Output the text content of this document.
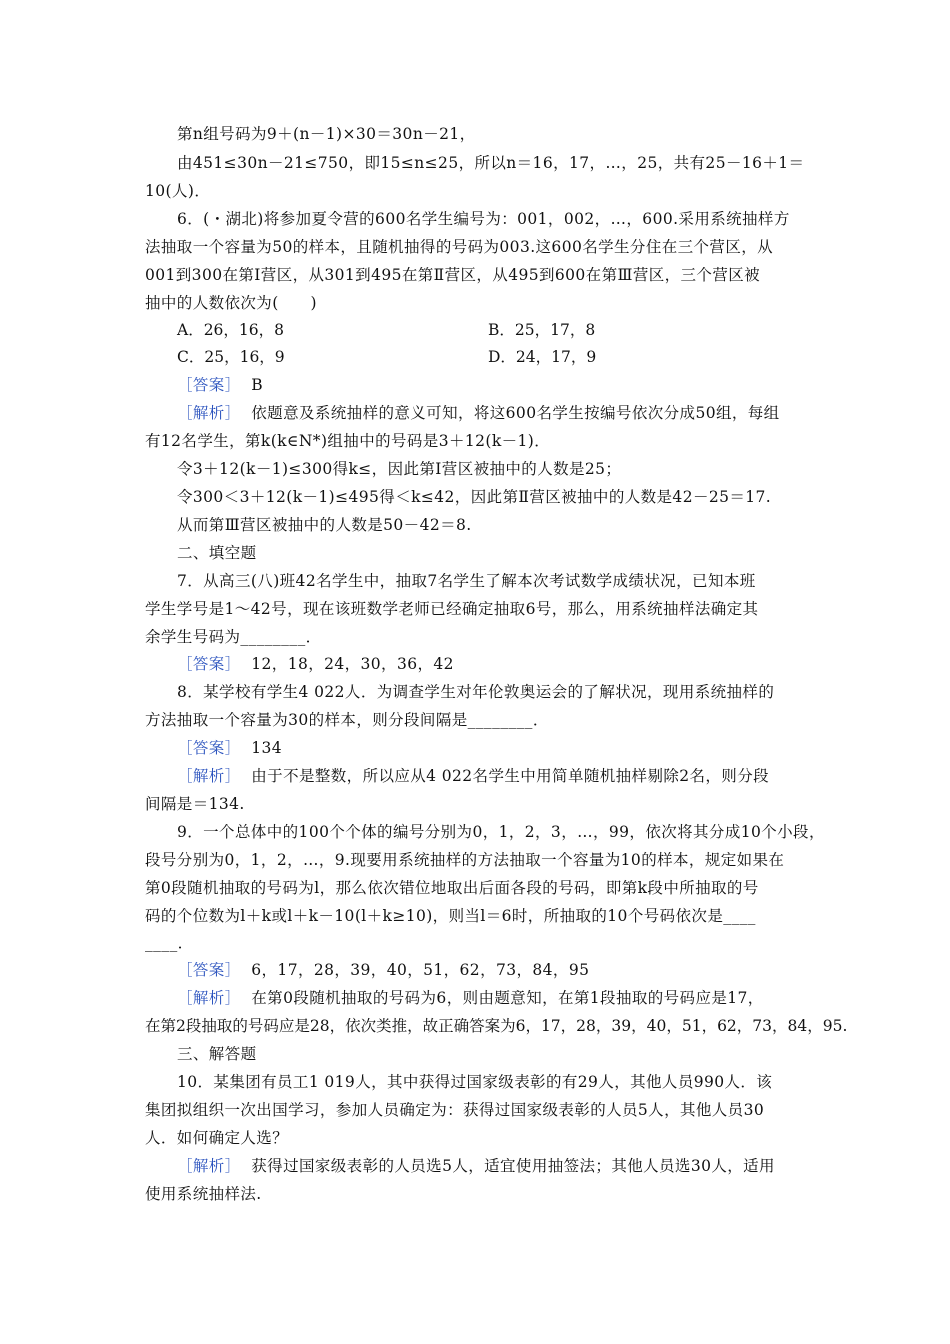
第n组号码为9＋(n－1)×30＝30n－21，
由451≤30n－21≤750，即15≤n≤25，所以n＝16，17，…，25，共有25－16＋1＝
10(人)．
6．(・湖北)将参加夏令营的600名学生编号为：001，002，…，600.采用系统抽样方
法抽取一个容量为50的样本，且随机抽得的号码为003.这600名学生分住在三个营区，从
001到300在第Ⅰ营区，从301到495在第Ⅱ营区，从495到600在第Ⅲ营区，三个营区被
抽中的人数依次为(　　)
A．26，16，8	B．25，17，8
C．25，16，9	D．24，17，9
［答案］ B
［解析］ 依题意及系统抽样的意义可知，将这600名学生按编号依次分成50组，每组
有12名学生，第k(k∈N*)组抽中的号码是3＋12(k－1)．
令3＋12(k－1)≤300得k≤，因此第Ⅰ营区被抽中的人数是25；
令300＜3＋12(k－1)≤495得＜k≤42，因此第Ⅱ营区被抽中的人数是42－25＝17.
从而第Ⅲ营区被抽中的人数是50－42＝8.
二、填空题
7．从高三(八)班42名学生中，抽取7名学生了解本次考试数学成绩状况，已知本班
学生学号是1～42号，现在该班数学老师已经确定抽取6号，那么，用系统抽样法确定其
余学生号码为________．
［答案］ 12，18，24，30，36，42
8．某学校有学生4 022人．为调查学生对年伦敦奥运会的了解状况，现用系统抽样的
方法抽取一个容量为30的样本，则分段间隔是________．
［答案］ 134
［解析］ 由于不是整数，所以应从4 022名学生中用简单随机抽样剔除2名，则分段
间隔是＝134.
9．一个总体中的100个个体的编号分别为0，1，2，3，…，99，依次将其分成10个小段，
段号分别为0，1，2，…，9.现要用系统抽样的方法抽取一个容量为10的样本，规定如果在
第0段随机抽取的号码为l，那么依次错位地取出后面各段的号码，即第k段中所抽取的号
码的个位数为l＋k或l＋k－10(l＋k≥10)，则当l＝6时，所抽取的10个号码依次是____
____．
［答案］ 6，17，28，39，40，51，62，73，84，95
［解析］ 在第0段随机抽取的号码为6，则由题意知，在第1段抽取的号码应是17，
在第2段抽取的号码应是28，依次类推，故正确答案为6，17，28，39，40，51，62，73，84，95.
三、解答题
10．某集团有员工1 019人，其中获得过国家级表彰的有29人，其他人员990人．该
集团拟组织一次出国学习，参加人员确定为：获得过国家级表彰的人员5人，其他人员30
人．如何确定人选？
［解析］ 获得过国家级表彰的人员选5人，适宜使用抽签法；其他人员选30人，适用
使用系统抽样法.
